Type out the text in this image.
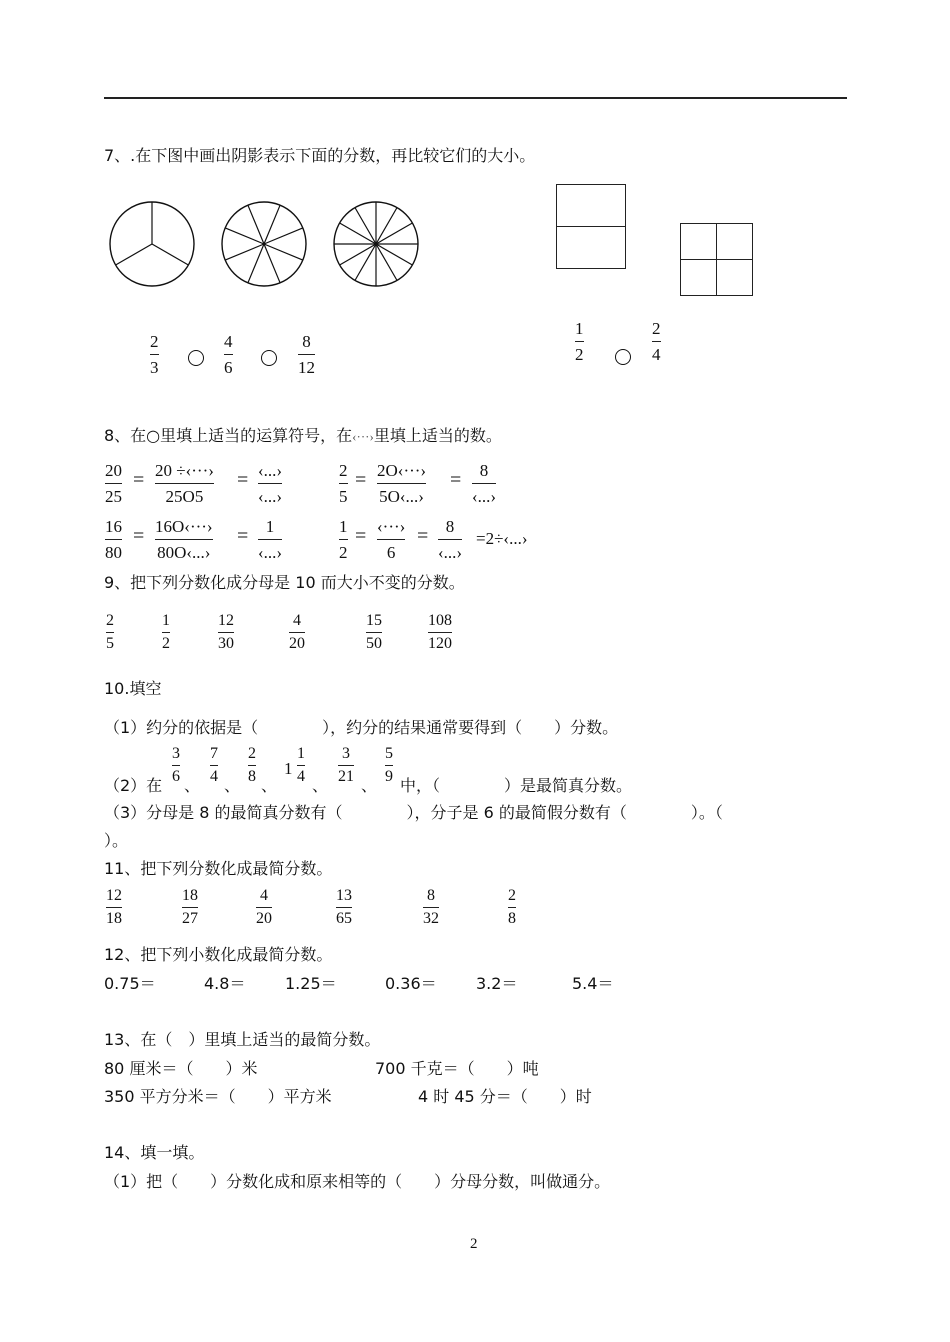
7、.在下图中画出阴影表示下面的分数，再比较它们的大小。
2
3
4
6
8
12
1
2
2
4
8、在○里填上适当的运算符号，在‹···›里填上适当的数。
20
25
= 20 ÷‹···›
25O5
= ‹...›
‹...›
2
5
= 2O‹···›
5O‹...›
= 8
‹...›
16
80
= 16O‹···›
80O‹...›
= 1
‹...›
1
2
= ‹···›
6
= 8
‹...›
=2÷‹...›
9、把下列分数化成分母是 10 而大小不变的分数。
2
5
1
2
12
30
4
20
15
50
108
120
10.填空
（1）约分的依据是（　　　　），约分的结果通常要得到（　　）分数。
（2）在
3
6 、
7
4 、
2
8 、
1
1
4 、
3
21 、
5
9 中，（　　　　）是最简真分数。
（3）分母是 8 的最简真分数有（　　　　），分子是 6 的最简假分数有（　　　　）。（
）。
11、把下列分数化成最简分数。
12
18
18
27
4
20
13
65
8
32
2
8
12、把下列小数化成最简分数。
0.75＝	4.8＝ 1.25＝	0.36＝ 3.2＝	5.4＝
13、在（　）里填上适当的最简分数。
80 厘米＝（　　）米	700 千克＝（　　）吨
350 平方分米＝（　　）平方米	4 时 45 分＝（　　）时
14、填一填。
（1）把（　　）分数化成和原来相等的（　　）分母分数，叫做通分。
2
